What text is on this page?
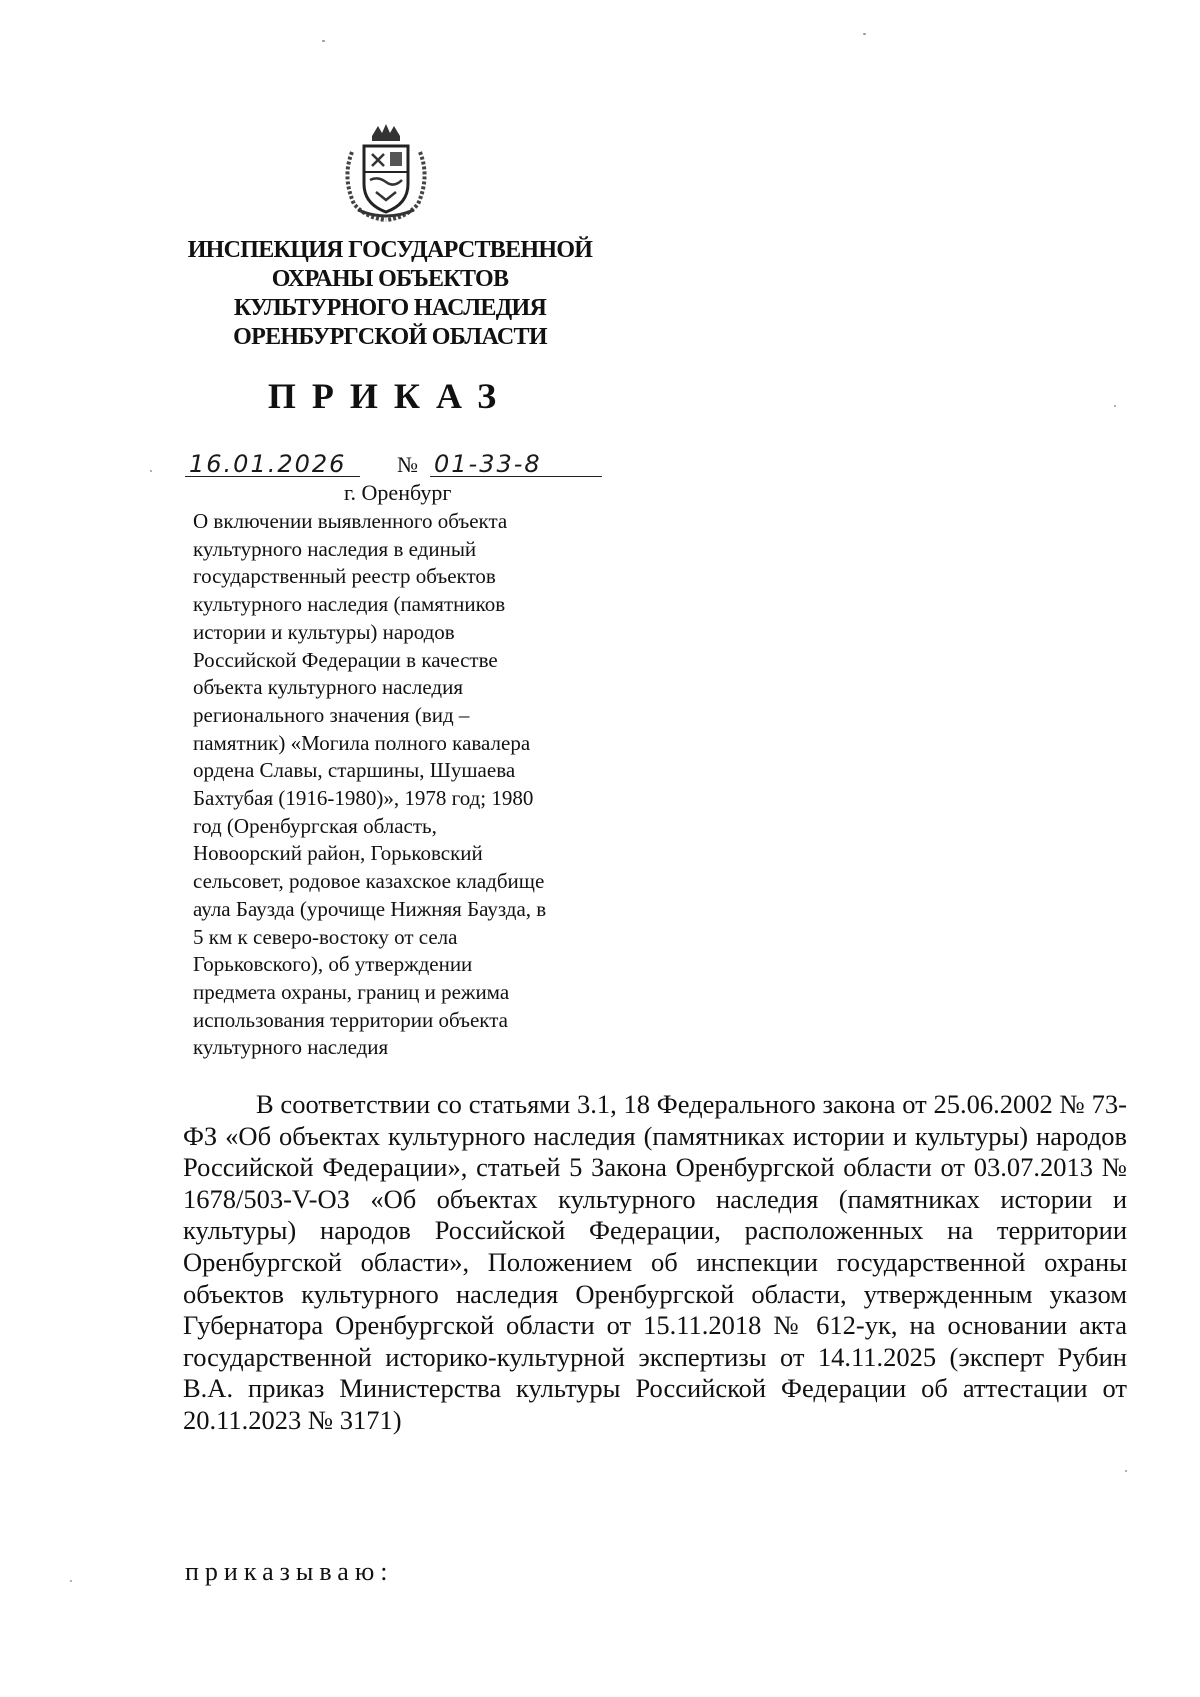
ИНСПЕКЦИЯ ГОСУДАРСТВЕННОЙ
ОХРАНЫ ОБЪЕКТОВ
КУЛЬТУРНОГО НАСЛЕДИЯ
ОРЕНБУРГСКОЙ ОБЛАСТИ
ПРИКАЗ
16.01.2026 № 01-33-8
г. Оренбург
О включении выявленного объекта
культурного наследия в единый
государственный реестр объектов
культурного наследия (памятников
истории и культуры) народов
Российской Федерации в качестве
объекта культурного наследия
регионального значения (вид –
памятник) «Могила полного кавалера
ордена Славы, старшины, Шушаева
Бахтубая (1916-1980)», 1978 год; 1980
год (Оренбургская область,
Новоорский район, Горьковский
сельсовет, родовое казахское кладбище
аула Баузда (урочище Нижняя Баузда, в
5 км к северо-востоку от села
Горьковского), об утверждении
предмета охраны, границ и режима
использования территории объекта
культурного наследия
В соответствии со статьями 3.1, 18 Федерального закона от 25.06.2002 № 73-ФЗ «Об объектах культурного наследия (памятниках истории и культуры) народов Российской Федерации», статьей 5 Закона Оренбургской области от 03.07.2013 № 1678/503-V-ОЗ «Об объектах культурного наследия (памятниках истории и культуры) народов Российской Федерации, расположенных на территории Оренбургской области», Положением об инспекции государственной охраны объектов культурного наследия Оренбургской области, утвержденным указом Губернатора Оренбургской области от 15.11.2018 № 612-ук, на основании акта государственной историко-культурной экспертизы от 14.11.2025 (эксперт Рубин В.А. приказ Министерства культуры Российской Федерации об аттестации от 20.11.2023 № 3171)
приказываю:
